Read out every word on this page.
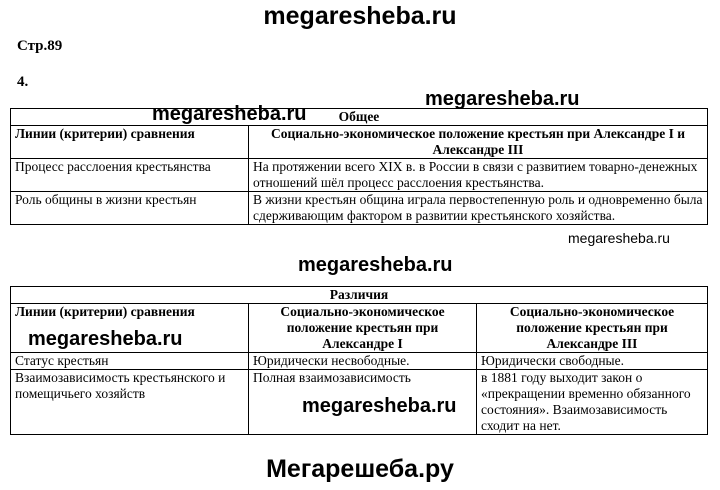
megaresheba.ru
Стр.89
4.
Общее	
Линии (критерии) сравнения	Социально-экономическое положение крестьян при Александре I и Александре III
Процесс расслоения крестьянства	На протяжении всего XIX в. в России в связи с развитием товарно-денежных отношений шёл процесс расслоения крестьянства.
Роль общины в жизни крестьян	В жизни крестьян община играла первостепенную роль и одновременно была сдерживающим фактором в развитии крестьянского хозяйства.
Различия		
Линии (критерии) сравнения	Социально-экономическое положение крестьян при Александре I	Социально-экономическое положение крестьян при Александре III
Статус крестьян	Юридически несвободные.	Юридически свободные.
Взаимозависимость крестьянского и помещичьего хозяйств	Полная взаимозависимость	в 1881 году выходит закон о «прекращении временно обязанного состояния». Взаимозависимость сходит на нет.
megaresheba.ru
megaresheba.ru
megaresheba.ru
megaresheba.ru
megaresheba.ru
megaresheba.ru
Мегарешеба.ру
